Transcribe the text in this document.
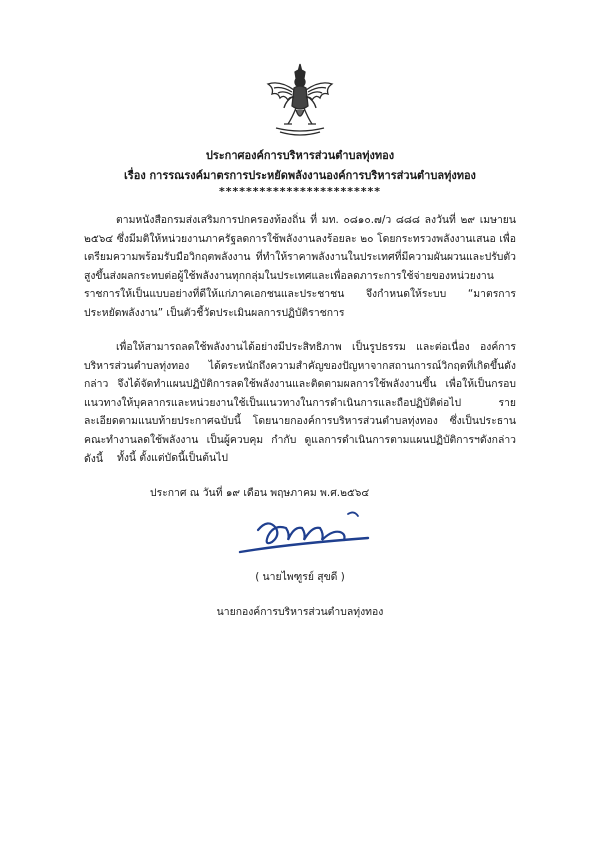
ประกาศองค์การบริหารส่วนตำบลทุ่งทอง
เรื่อง การรณรงค์มาตรการประหยัดพลังงานองค์การบริหารส่วนตำบลทุ่งทอง
************************
ตามหนังสือกรมส่งเสริมการปกครองท้องถิ่น ที่ มท. ๐๘๑๐.๗/ว ๘๘๘ ลงวันที่ ๒๙ เมษายน ๒๕๖๔ ซึ่งมีมติให้หน่วยงานภาครัฐลดการใช้พลังงานลงร้อยละ ๒๐ โดยกระทรวงพลังงานเสนอ เพื่อเตรียมความพร้อมรับมือวิกฤตพลังงาน ที่ทำให้ราคาพลังงานในประเทศที่มีความผันผวนและปรับตัวสูงขึ้นส่งผลกระทบต่อผู้ใช้พลังงานทุกกลุ่มในประเทศและเพื่อลดภาระการใช้จ่ายของหน่วยงานราชการให้เป็นแบบอย่างที่ดีให้แก่ภาคเอกชนและประชาชน จึงกำหนดให้ระบบ “มาตรการประหยัดพลังงาน” เป็นตัวชี้วัดประเมินผลการปฏิบัติราชการ
เพื่อให้สามารถลดใช้พลังงานได้อย่างมีประสิทธิภาพ เป็นรูปธรรม และต่อเนื่อง องค์การบริหารส่วนตำบลทุ่งทอง ได้ตระหนักถึงความสำคัญของปัญหาจากสถานการณ์วิกฤตที่เกิดขึ้นดังกล่าว จึงได้จัดทำแผนปฏิบัติการลดใช้พลังงานและติดตามผลการใช้พลังงานขึ้น เพื่อให้เป็นกรอบแนวทางให้บุคลากรและหน่วยงานใช้เป็นแนวทางในการดำเนินการและถือปฏิบัติต่อไป รายละเอียดตามแนบท้ายประกาศฉบับนี้ โดยนายกองค์การบริหารส่วนตำบลทุ่งทอง ซึ่งเป็นประธานคณะทำงานลดใช้พลังงาน เป็นผู้ควบคุม กำกับ ดูแลการดำเนินการตามแผนปฏิบัติการฯดังกล่าว ดังนี้	ทั้งนี้ ตั้งแต่บัดนี้เป็นต้นไป
ประกาศ ณ วันที่ ๑๙ เดือน พฤษภาคม พ.ศ.๒๕๖๔
( นายไพฑูรย์ สุขดี )
นายกองค์การบริหารส่วนตำบลทุ่งทอง
